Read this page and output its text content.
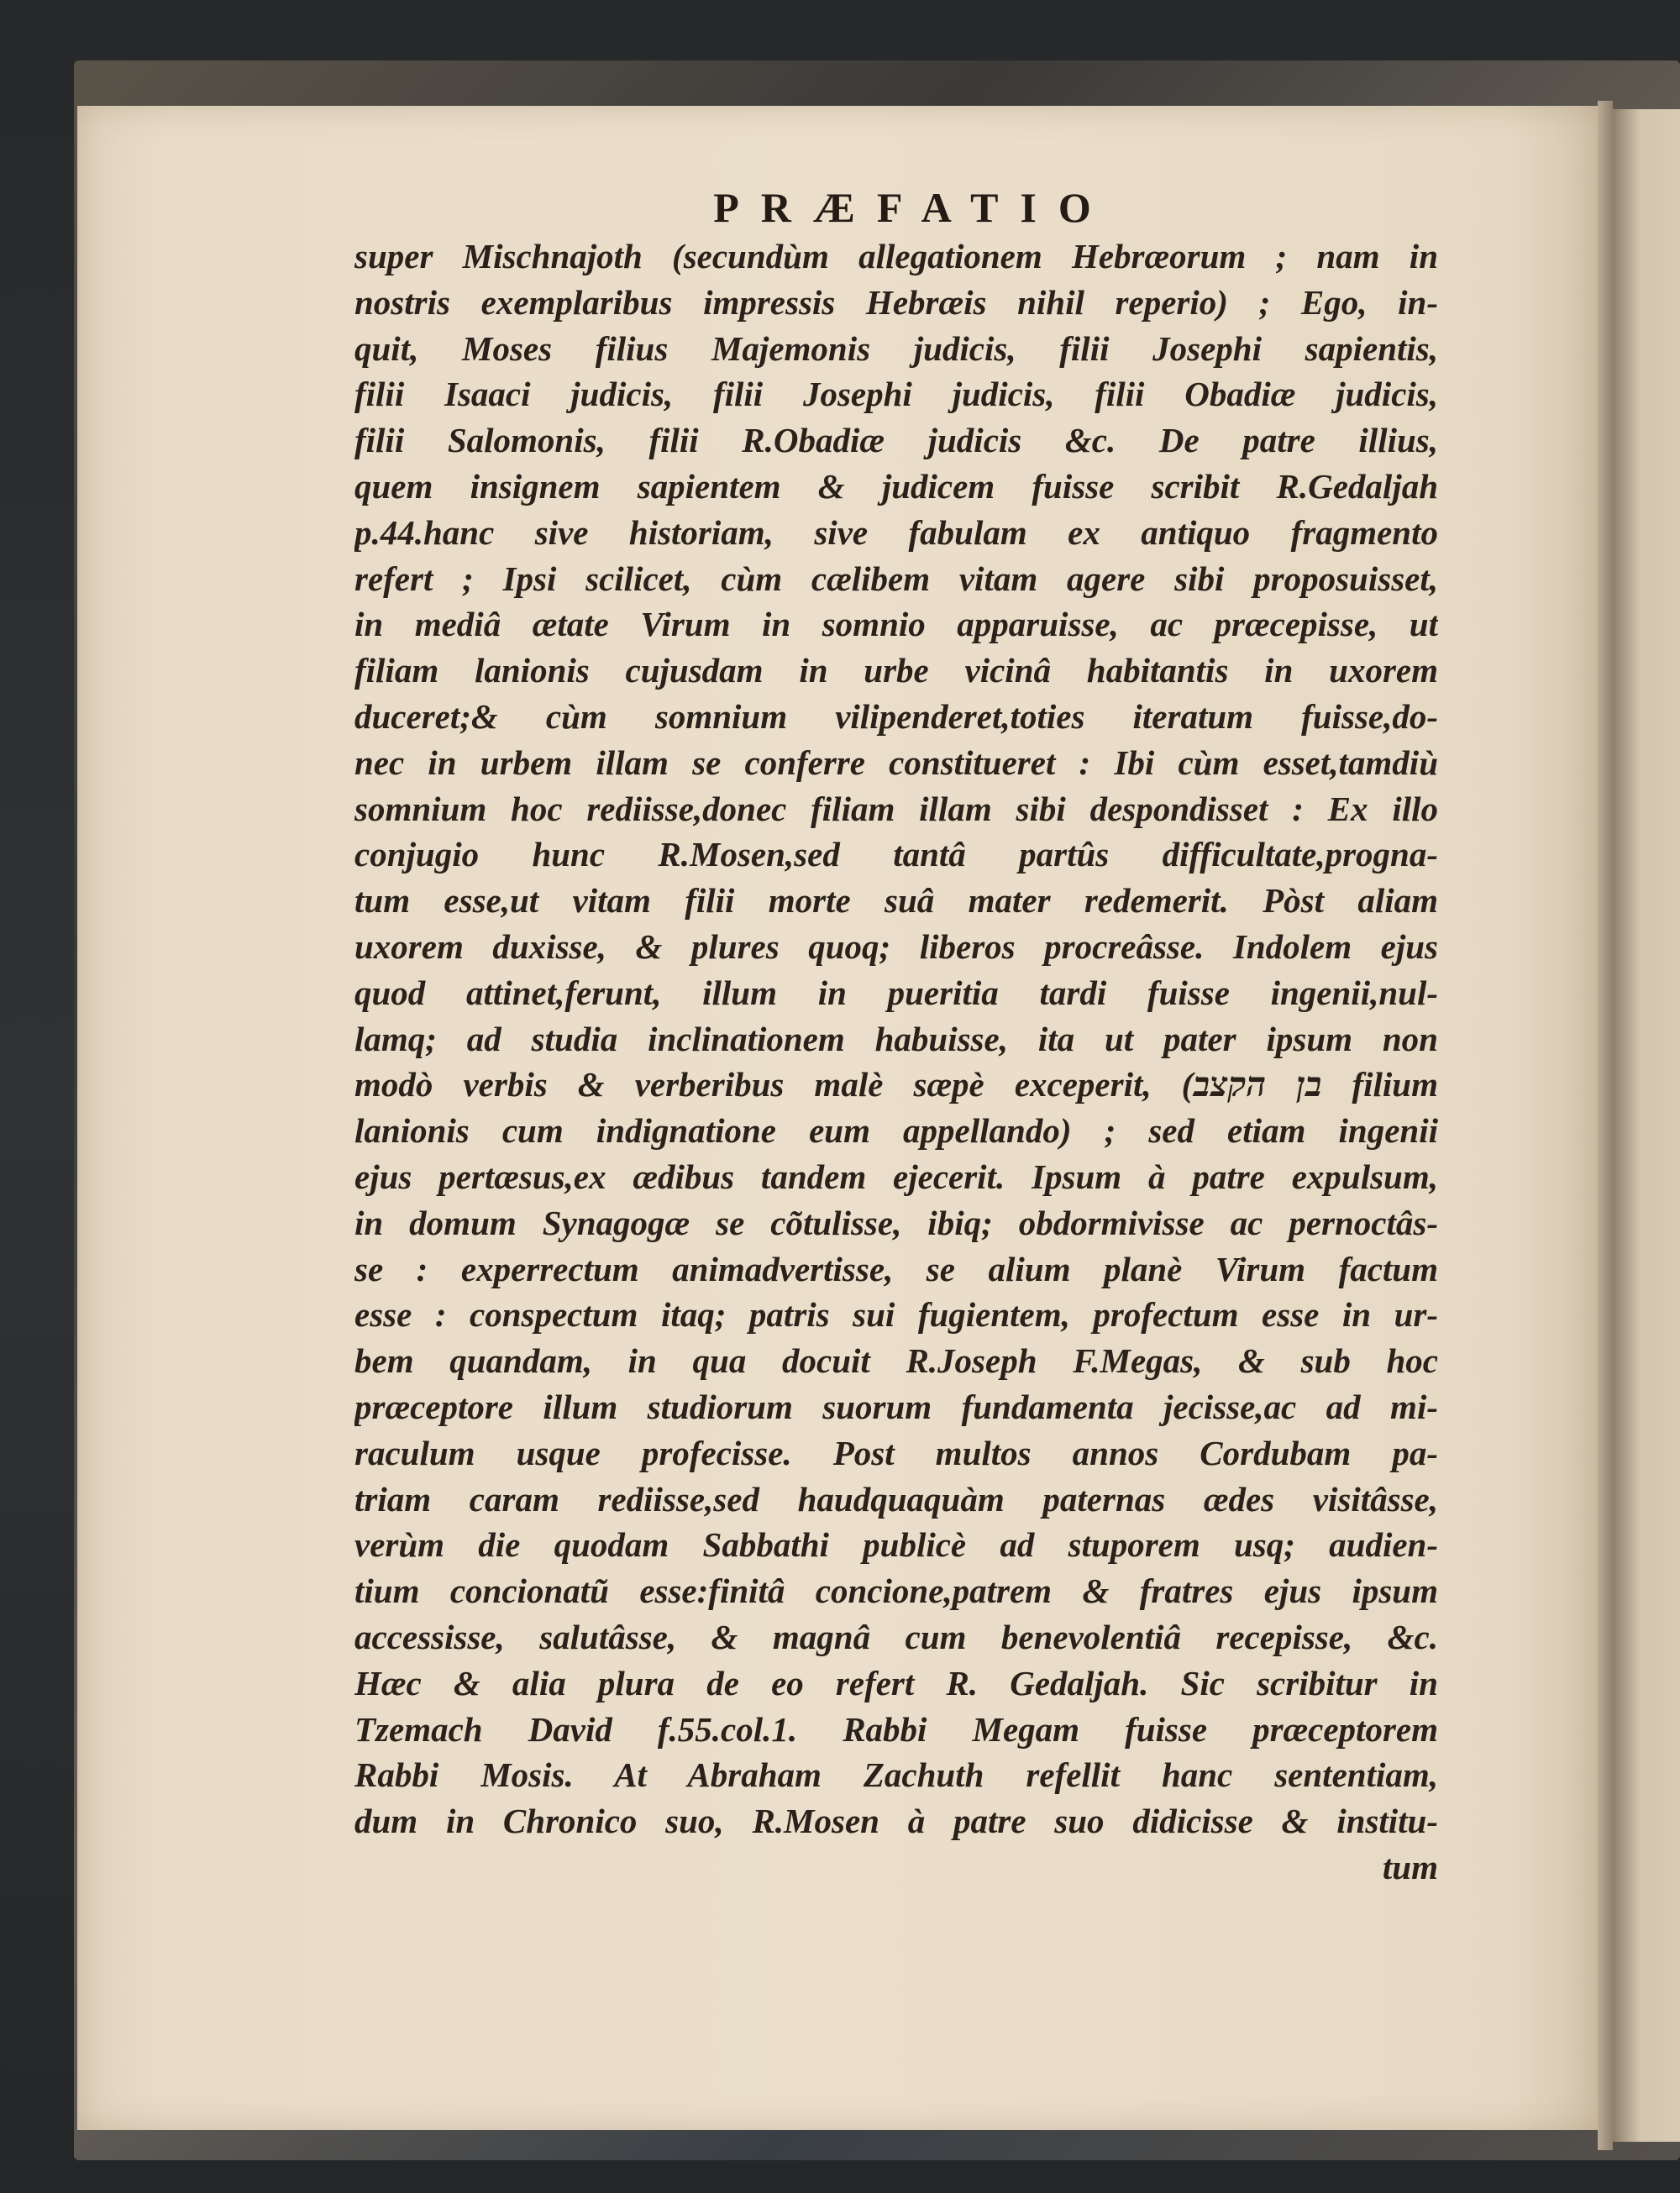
PRÆFATIO
super Mischnajoth (secundùm allegationem Hebræorum ; nam in
nostris exemplaribus impressis Hebræis nihil reperio) ; Ego, in-
quit, Moses filius Majemonis judicis, filii Josephi sapientis,
filii Isaaci judicis, filii Josephi judicis, filii Obadiæ judicis,
filii Salomonis, filii R.Obadiæ judicis &c. De patre illius,
quem insignem sapientem & judicem fuisse scribit R.Gedaljah
p.44.hanc sive historiam, sive fabulam ex antiquo fragmento
refert ; Ipsi scilicet, cùm cælibem vitam agere sibi proposuisset,
in mediâ ætate Virum in somnio apparuisse, ac præcepisse, ut
filiam lanionis cujusdam in urbe vicinâ habitantis in uxorem
duceret;& cùm somnium vilipenderet,toties iteratum fuisse,do-
nec in urbem illam se conferre constitueret : Ibi cùm esset,tamdiù
somnium hoc rediisse,donec filiam illam sibi despondisset : Ex illo
conjugio hunc R.Mosen,sed tantâ partûs difficultate,progna-
tum esse,ut vitam filii morte suâ mater redemerit. Pòst aliam
uxorem duxisse, & plures quoq; liberos procreâsse. Indolem ejus
quod attinet,ferunt, illum in pueritia tardi fuisse ingenii,nul-
lamq; ad studia inclinationem habuisse, ita ut pater ipsum non
modò verbis & verberibus malè sæpè exceperit, (בן הקצב filium
lanionis cum indignatione eum appellando) ; sed etiam ingenii
ejus pertæsus,ex ædibus tandem ejecerit. Ipsum à patre expulsum,
in domum Synagogæ se cõtulisse, ibiq; obdormivisse ac pernoctâs-
se : experrectum animadvertisse, se alium planè Virum factum
esse : conspectum itaq; patris sui fugientem, profectum esse in ur-
bem quandam, in qua docuit R.Joseph F.Megas, & sub hoc
præceptore illum studiorum suorum fundamenta jecisse,ac ad mi-
raculum usque profecisse. Post multos annos Cordubam pa-
triam caram rediisse,sed haudquaquàm paternas ædes visitâsse,
verùm die quodam Sabbathi publicè ad stuporem usq; audien-
tium concionatũ esse:finitâ concione,patrem & fratres ejus ipsum
accessisse, salutâsse, & magnâ cum benevolentiâ recepisse, &c.
Hæc & alia plura de eo refert R. Gedaljah. Sic scribitur in
Tzemach David f.55.col.1. Rabbi Megam fuisse præceptorem
Rabbi Mosis. At Abraham Zachuth refellit hanc sententiam,
dum in Chronico suo, R.Mosen à patre suo didicisse & institu-
tum
